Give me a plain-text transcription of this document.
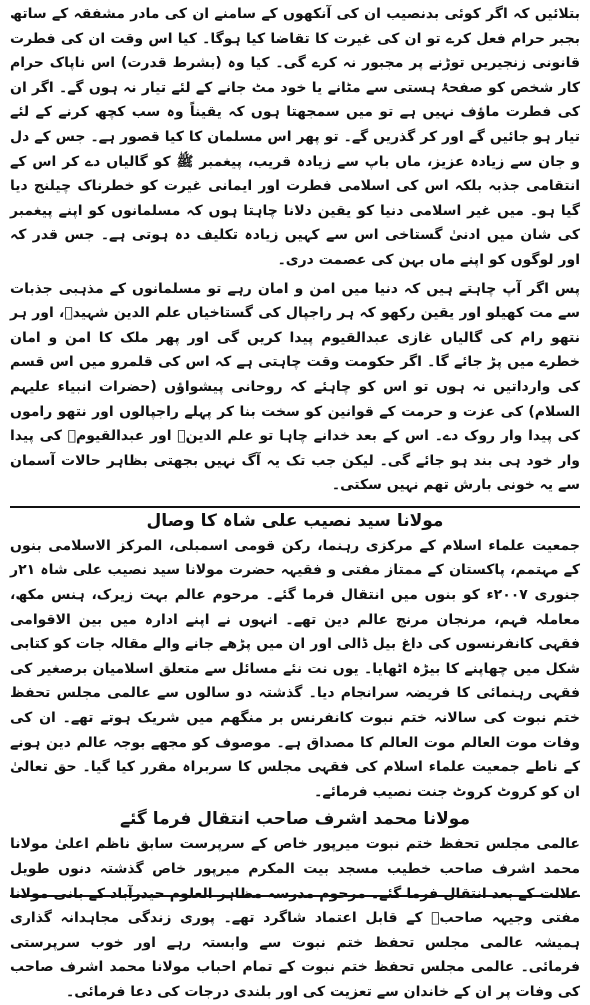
بتلائیں کہ اگر کوئی بدنصیب ان کی آنکھوں کے سامنے ان کی مادر مشفقہ کے ساتھ بجبر حرام فعل کرے تو ان کی غیرت کا تقاضا کیا ہوگا۔ کیا اس وقت ان کی فطرت قانونی زنجیریں توڑنے پر مجبور نہ کرے گی۔ کیا وہ (بشرط قدرت) اس ناپاک حرام کار شخص کو صفحۂ ہستی سے مٹانے یا خود مٹ جانے کے لئے تیار نہ ہوں گے۔ اگر ان کی فطرت ماؤف نہیں ہے تو میں سمجھتا ہوں کہ یقیناً وہ سب کچھ کرنے کے لئے تیار ہو جائیں گے اور کر گذریں گے۔ تو پھر اس مسلمان کا کیا قصور ہے۔ جس کے دل و جان سے زیادہ عزیز، ماں باپ سے زیادہ قریب، پیغمبر ﷺ کو گالیاں دے کر اس کے انتقامی جذبہ بلکہ اس کی اسلامی فطرت اور ایمانی غیرت کو خطرناک چیلنج دیا گیا ہو۔ میں غیر اسلامی دنیا کو یقین دلانا چاہتا ہوں کہ مسلمانوں کو اپنے پیغمبر کی شان میں ادنیٰ گستاخی اس سے کہیں زیادہ تکلیف دہ ہوتی ہے۔ جس قدر کہ اور لوگوں کو اپنے ماں بہن کی عصمت دری۔

پس اگر آپ چاہتے ہیں کہ دنیا میں امن و امان رہے تو مسلمانوں کے مذہبی جذبات سے مت کھیلو اور یقین رکھو کہ ہر راجپال کی گستاخیاں علم الدین شہیدؒ، اور ہر نتھو رام کی گالیاں غازی عبدالقیوم پیدا کریں گی اور پھر ملک کا امن و امان خطرے میں پڑ جائے گا۔ اگر حکومت وقت چاہتی ہے کہ اس کی قلمرو میں اس قسم کی وارداتیں نہ ہوں تو اس کو چاہئے کہ روحانی پیشواؤں (حضرات انبیاء علیہم السلام) کی عزت و حرمت کے قوانین کو سخت بنا کر پہلے راجپالوں اور نتھو راموں کی پیدا وار روک دے۔ اس کے بعد خدانے چاہا تو علم الدینؒ اور عبدالقیومؒ کی پیدا وار خود ہی بند ہو جائے گی۔ لیکن جب تک یہ آگ نہیں بجھتی بظاہر حالات آسمان سے یہ خونی بارش تھم نہیں سکتی۔

مولانا سید نصیب علی شاہ کا وصال

جمعیت علماء اسلام کے مرکزی رہنما، رکن قومی اسمبلی، المرکز الاسلامی بنوں کے مہتمم، پاکستان کے ممتاز مفتی و فقیہہ حضرت مولانا سید نصیب علی شاہ ۲۱ر جنوری ۲۰۰۷ء کو بنوں میں انتقال فرما گئے۔ مرحوم عالم بہت زیرک، ہنس مکھ، معاملہ فہم، مرنجان مرنج عالم دین تھے۔ انہوں نے اپنے ادارہ میں بین الاقوامی فقہی کانفرنسوں کی داغ بیل ڈالی اور ان میں پڑھے جانے والے مقالہ جات کو کتابی شکل میں چھاپنے کا بیڑہ اٹھایا۔ یوں نت نئے مسائل سے متعلق اسلامیان برصغیر کی فقہی رہنمائی کا فریضہ سرانجام دیا۔ گذشتہ دو سالوں سے عالمی مجلس تحفظ ختم نبوت کی سالانہ ختم نبوت کانفرنس بر منگھم میں شریک ہوتے تھے۔ ان کی وفات موت العالم موت العالم کا مصداق ہے۔ موصوف کو مجھے بوجہ عالم دین ہونے کے ناطے جمعیت علماء اسلام کی فقہی مجلس کا سربراہ مقرر کیا گیا۔ حق تعالیٰ ان کو کروٹ کروٹ جنت نصیب فرمائے۔

مولانا محمد اشرف صاحب انتقال فرما گئے

عالمی مجلس تحفظ ختم نبوت میرپور خاص کے سرپرست سابق ناظم اعلیٰ مولانا محمد اشرف صاحب خطیب مسجد بیت المکرم میرپور خاص گذشتہ دنوں طویل علالت کے بعد انتقال فرما گئے۔ مرحوم مدرسہ مظاہر العلوم حیدرآباد کے بانی مولانا مفتی وجیہہ صاحبؒ کے قابل اعتماد شاگرد تھے۔ پوری زندگی مجاہدانہ گذاری ہمیشہ عالمی مجلس تحفظ ختم نبوت سے وابستہ رہے اور خوب سرپرستی فرمائی۔ عالمی مجلس تحفظ ختم نبوت کے تمام احباب مولانا محمد اشرف صاحب کی وفات پر ان کے خاندان سے تعزیت کی اور بلندی درجات کی دعا فرمائی۔
